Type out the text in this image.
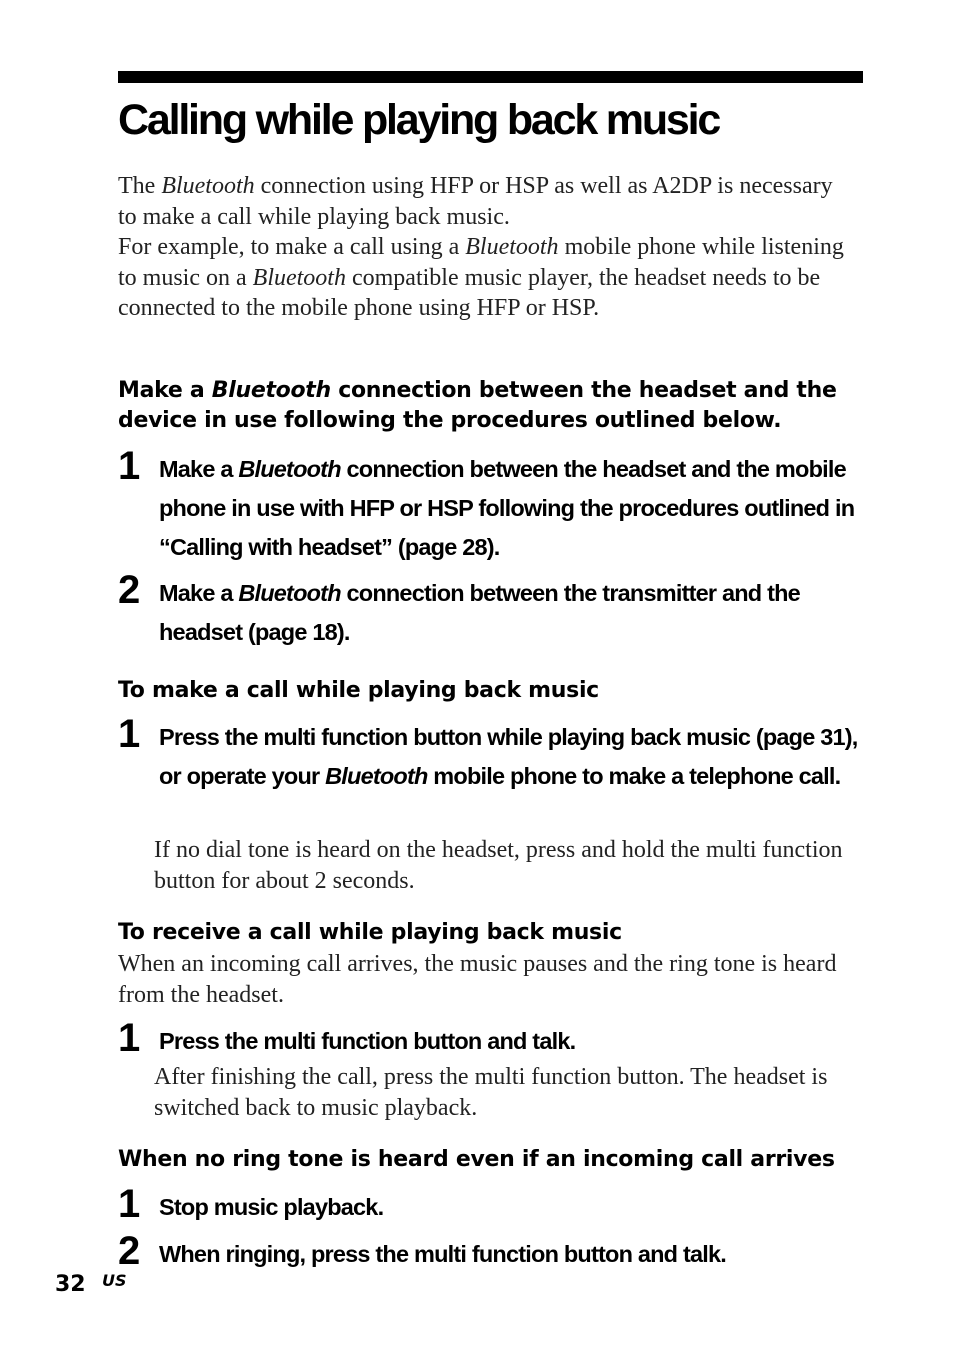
Calling while playing back music
The Bluetooth connection using HFP or HSP as well as A2DP is necessary to make a call while playing back music.
For example, to make a call using a Bluetooth mobile phone while listening to music on a Bluetooth compatible music player, the headset needs to be connected to the mobile phone using HFP or HSP.
Make a Bluetooth connection between the headset and the device in use following the procedures outlined below.
1 Make a Bluetooth connection between the headset and the mobile phone in use with HFP or HSP following the procedures outlined in “Calling with headset” (page 28).
2 Make a Bluetooth connection between the transmitter and the headset (page 18).
To make a call while playing back music
1 Press the multi function button while playing back music (page 31), or operate your Bluetooth mobile phone to make a telephone call.
If no dial tone is heard on the headset, press and hold the multi function button for about 2 seconds.
To receive a call while playing back music
When an incoming call arrives, the music pauses and the ring tone is heard from the headset.
1 Press the multi function button and talk.
After finishing the call, press the multi function button. The headset is switched back to music playback.
When no ring tone is heard even if an incoming call arrives
1 Stop music playback.
2 When ringing, press the multi function button and talk.
32 US
